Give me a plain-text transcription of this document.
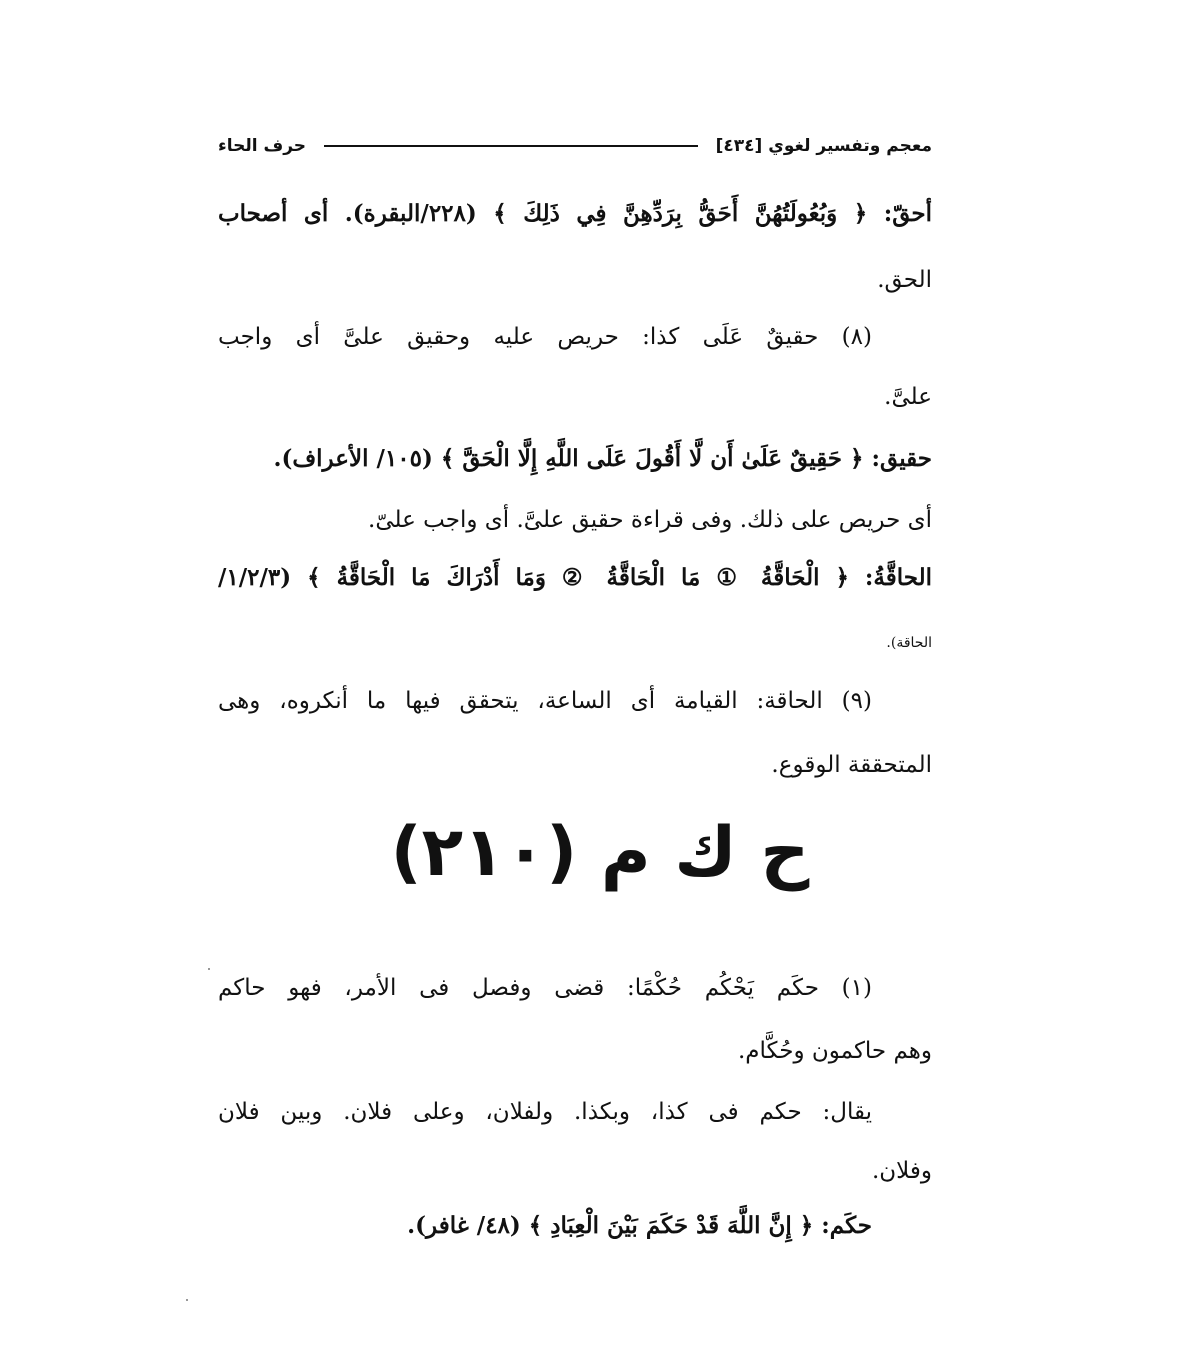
[٤٣٤] معجم وتفسير لغوي
حرف الحاء
أحقّ: ﴿ وَبُعُولَتُهُنَّ أَحَقُّ بِرَدِّهِنَّ فِي ذَلِكَ ﴾ (٢٢٨/البقرة). أى أصحاب
الحق.
(٨) حقيقٌ عَلَى كذا: حريص عليه وحقيق علىَّ أى واجب
علىَّ.
حقيق: ﴿ حَقِيقٌ عَلَىٰ أَن لَّا أَقُولَ عَلَى اللَّهِ إِلَّا الْحَقَّ ﴾ (١٠٥/ الأعراف).
أى حريص على ذلك. وفى قراءة حقيق علىَّ. أى واجب علىّ.
الحاقَّةُ: ﴿ الْحَاقَّةُ ① مَا الْحَاقَّةُ ② وَمَا أَدْرَاكَ مَا الْحَاقَّةُ ﴾ (١/٢/٣/
الحاقة).
(٩) الحاقة: القيامة أى الساعة، يتحقق فيها ما أنكروه، وهى
المتحققة الوقوع.
ح ك م (٢١٠)
(١) حكَم يَحْكُم حُكْمًا: قضى وفصل فى الأمر، فهو حاكم
وهم حاكمون وحُكَّام.
يقال: حكم فى كذا، وبكذا. ولفلان، وعلى فلان. وبين فلان
وفلان.
حكَم: ﴿ إِنَّ اللَّهَ قَدْ حَكَمَ بَيْنَ الْعِبَادِ ﴾ (٤٨/ غافر).
